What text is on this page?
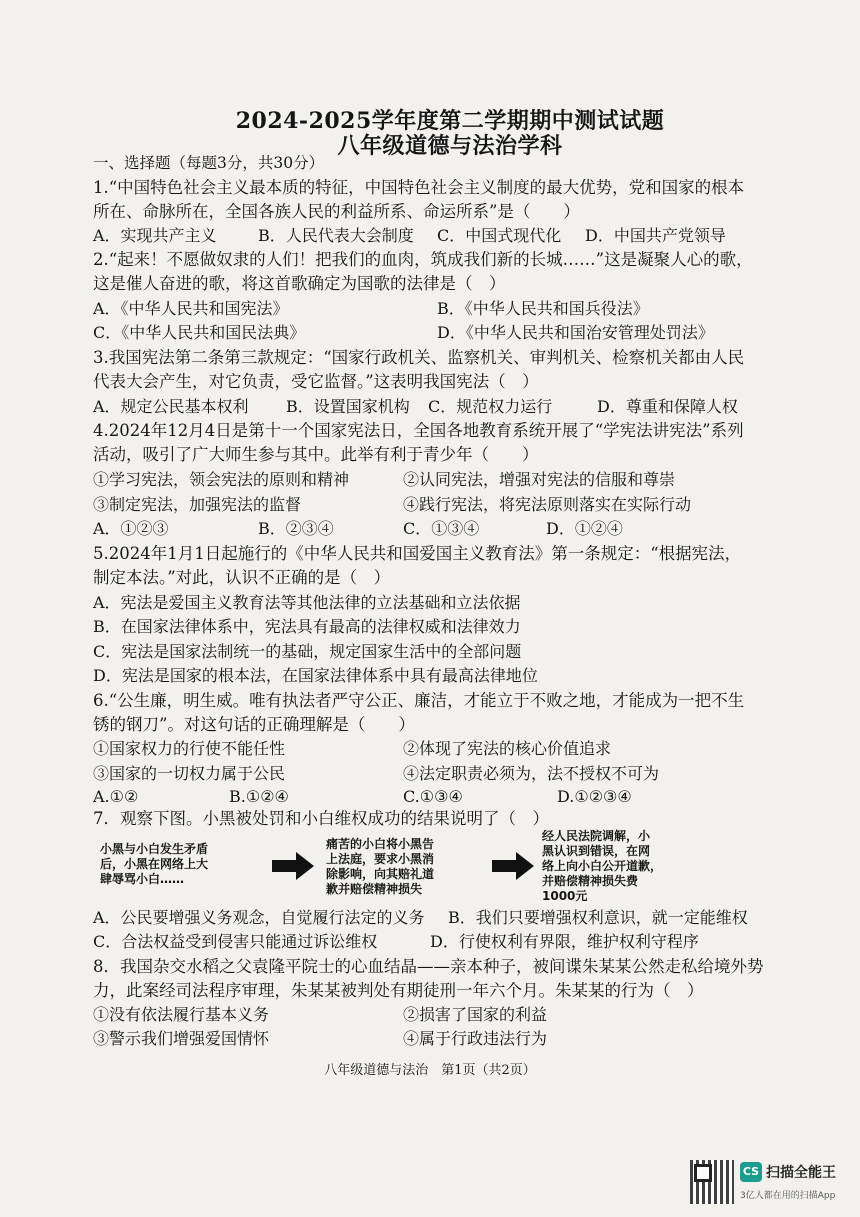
2024-2025学年度第二学期期中测试试题
八年级道德与法治学科
一、选择题（每题3分，共30分）
1.“中国特色社会主义最本质的特征，中国特色社会主义制度的最大优势，党和国家的根本
所在、命脉所在，全国各族人民的利益所系、命运所系”是（　　）
A．实现共产主义	B．人民代表大会制度 C．中国式现代化 D．中国共产党领导
2.“起来！不愿做奴隶的人们！把我们的血肉，筑成我们新的长城……”这是凝聚人心的歌，
这是催人奋进的歌，将这首歌确定为国歌的法律是（　）
A．《中华人民共和国宪法》	B．《中华人民共和国兵役法》
C．《中华人民共和国民法典》	D．《中华人民共和国治安管理处罚法》
3.我国宪法第二条第三款规定：“国家行政机关、监察机关、审判机关、检察机关都由人民
代表大会产生，对它负责，受它监督。”这表明我国宪法（　）
A．规定公民基本权利 B．设置国家机构 C．规范权力运行	D．尊重和保障人权
4.2024年12月4日是第十一个国家宪法日，全国各地教育系统开展了“学宪法讲宪法”系列
活动，吸引了广大师生参与其中。此举有利于青少年（　　）
①学习宪法，领会宪法的原则和精神	②认同宪法，增强对宪法的信服和尊崇
③制定宪法，加强宪法的监督	④践行宪法，将宪法原则落实在实际行动
A．①②③	B．②③④	C．①③④	D．①②④
5.2024年1月1日起施行的《中华人民共和国爱国主义教育法》第一条规定：“根据宪法，
制定本法。”对此，认识不正确的是（　）
A．宪法是爱国主义教育法等其他法律的立法基础和立法依据
B．在国家法律体系中，宪法具有最高的法律权威和法律效力
C．宪法是国家法制统一的基础，规定国家生活中的全部问题
D．宪法是国家的根本法，在国家法律体系中具有最高法律地位
6.“公生廉，明生威。唯有执法者严守公正、廉洁，才能立于不败之地，才能成为一把不生
锈的钢刀”。对这句话的正确理解是（　　）
①国家权力的行使不能任性	②体现了宪法的核心价值追求
③国家的一切权力属于公民	④法定职责必须为，法不授权不可为
A.①②	B.①②④	C.①③④	D.①②③④
7．观察下图。小黑被处罚和小白维权成功的结果说明了（　）
小黑与小白发生矛盾
后，小黑在网络上大
肆辱骂小白……
痛苦的小白将小黑告
上法庭，要求小黑消
除影响，向其赔礼道
歉并赔偿精神损失
经人民法院调解，小
黑认识到错误，在网
络上向小白公开道歉，
并赔偿精神损失费
1000元
A．公民要增强义务观念，自觉履行法定的义务 B．我们只要增强权利意识，就一定能维权
C．合法权益受到侵害只能通过诉讼维权	D．行使权利有界限，维护权利守程序
8．我国杂交水稻之父袁隆平院士的心血结晶——亲本种子，被间谍朱某某公然走私给境外势
力，此案经司法程序审理，朱某某被判处有期徒刑一年六个月。朱某某的行为（　）
①没有依法履行基本义务	②损害了国家的利益
③警示我们增强爱国情怀	④属于行政违法行为
八年级道德与法治　第1页（共2页）
CS 扫描全能王
3亿人都在用的扫描App
